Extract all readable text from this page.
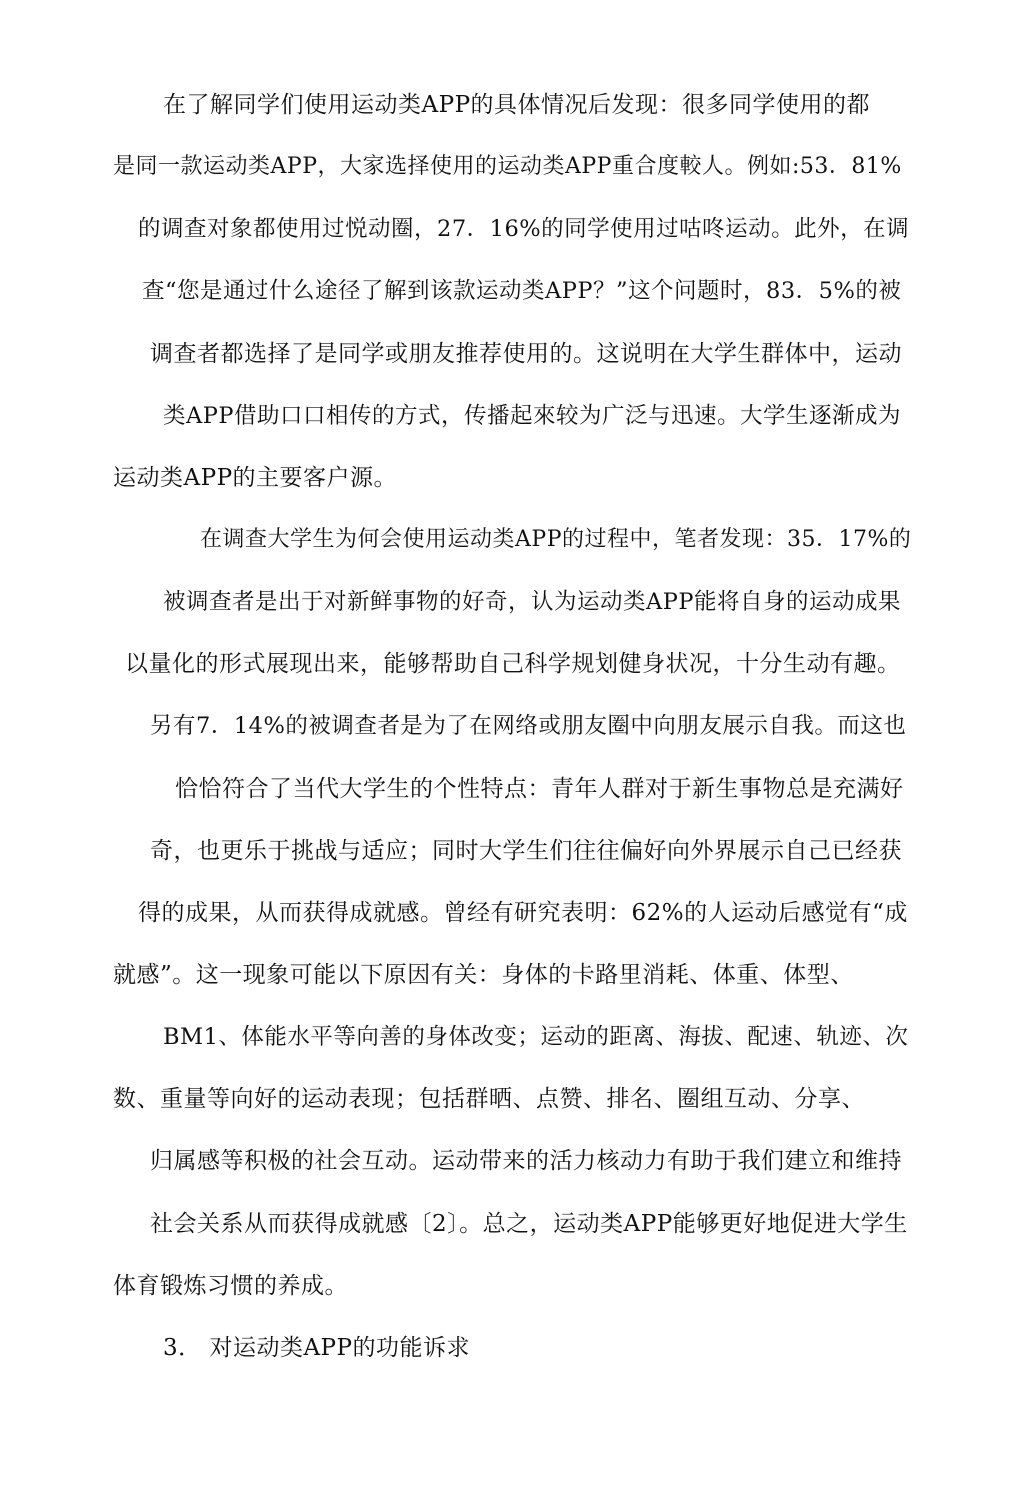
在了解同学们使用运动类APP的具体情况后发现：很多同学使用的都
是同一款运动类APP，大家选择使用的运动类APP重合度較人。例如:53．81%
的调查对象都使用过悦动圈，27．16%的同学使用过咕咚运动。此外，在调
查“您是通过什么途径了解到该款运动类APP？”这个问题时，83．5%的被
调查者都选择了是同学或朋友推荐使用的。这说明在大学生群体中，运动
类APP借助口口相传的方式，传播起來较为广泛与迅速。大学生逐渐成为
运动类APP的主要客户源。
在调查大学生为何会使用运动类APP的过程中，笔者发现：35．17%的
被调查者是出于对新鲜事物的好奇，认为运动类APP能将自身的运动成果
以量化的形式展现出来，能够帮助自己科学规划健身状况，十分生动有趣。
另有7．14%的被调查者是为了在网络或朋友圈中向朋友展示自我。而这也
恰恰符合了当代大学生的个性特点：青年人群对于新生事物总是充满好
奇，也更乐于挑战与适应；同时大学生们往往偏好向外界展示自己已经获
得的成果，从而获得成就感。曾经有研究表明：62%的人运动后感觉有“成
就感”。这一现象可能以下原因有关：身体的卡路里消耗、体重、体型、
BM1、体能水平等向善的身体改变；运动的距离、海拔、配速、轨迹、次
数、重量等向好的运动表现；包括群晒、点赞、排名、圈组互动、分享、
归属感等积极的社会互动。运动带来的活力核动力有助于我们建立和维持
社会关系从而获得成就感〔2〕。总之，运动类APP能够更好地促进大学生
体育锻炼习惯的养成。
3． 对运动类APP的功能诉求
